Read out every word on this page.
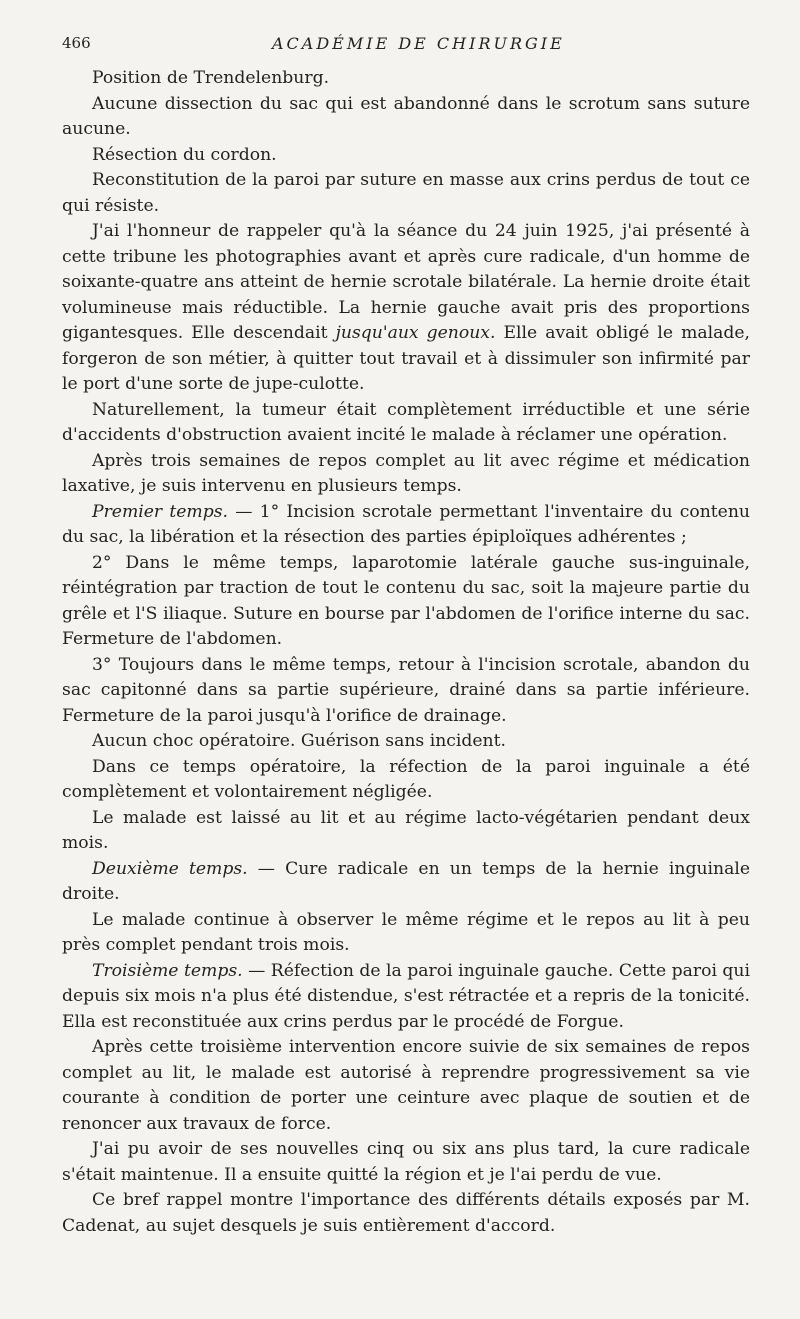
466	ACADÉMIE DE CHIRURGIE

Position de Trendelenburg.

Aucune dissection du sac qui est abandonné dans le scrotum sans suture aucune.

Résection du cordon.

Reconstitution de la paroi par suture en masse aux crins perdus de tout ce qui résiste.

J'ai l'honneur de rappeler qu'à la séance du 24 juin 1925, j'ai présenté à cette tribune les photographies avant et après cure radicale, d'un homme de soixante-quatre ans atteint de hernie scrotale bilatérale. La hernie droite était volumineuse mais réductible. La hernie gauche avait pris des proportions gigantesques. Elle descendait jusqu'aux genoux. Elle avait obligé le malade, forgeron de son métier, à quitter tout travail et à dissimuler son infirmité par le port d'une sorte de jupe-culotte.

Naturellement, la tumeur était complètement irréductible et une série d'accidents d'obstruction avaient incité le malade à réclamer une opération.

Après trois semaines de repos complet au lit avec régime et médication laxative, je suis intervenu en plusieurs temps.

Premier temps. — 1° Incision scrotale permettant l'inventaire du contenu du sac, la libération et la résection des parties épiploïques adhérentes ;

2° Dans le même temps, laparotomie latérale gauche sus-inguinale, réintégration par traction de tout le contenu du sac, soit la majeure partie du grêle et l'S iliaque. Suture en bourse par l'abdomen de l'orifice interne du sac. Fermeture de l'abdomen.

3° Toujours dans le même temps, retour à l'incision scrotale, abandon du sac capitonné dans sa partie supérieure, drainé dans sa partie inférieure. Fermeture de la paroi jusqu'à l'orifice de drainage.

Aucun choc opératoire. Guérison sans incident.

Dans ce temps opératoire, la réfection de la paroi inguinale a été complètement et volontairement négligée.

Le malade est laissé au lit et au régime lacto-végétarien pendant deux mois.

Deuxième temps. — Cure radicale en un temps de la hernie inguinale droite.

Le malade continue à observer le même régime et le repos au lit à peu près complet pendant trois mois.

Troisième temps. — Réfection de la paroi inguinale gauche. Cette paroi qui depuis six mois n'a plus été distendue, s'est rétractée et a repris de la tonicité. Ella est reconstituée aux crins perdus par le procédé de Forgue.

Après cette troisième intervention encore suivie de six semaines de repos complet au lit, le malade est autorisé à reprendre progressivement sa vie courante à condition de porter une ceinture avec plaque de soutien et de renoncer aux travaux de force.

J'ai pu avoir de ses nouvelles cinq ou six ans plus tard, la cure radicale s'était maintenue. Il a ensuite quitté la région et je l'ai perdu de vue.

Ce bref rappel montre l'importance des différents détails exposés par M. Cadenat, au sujet desquels je suis entièrement d'accord.
